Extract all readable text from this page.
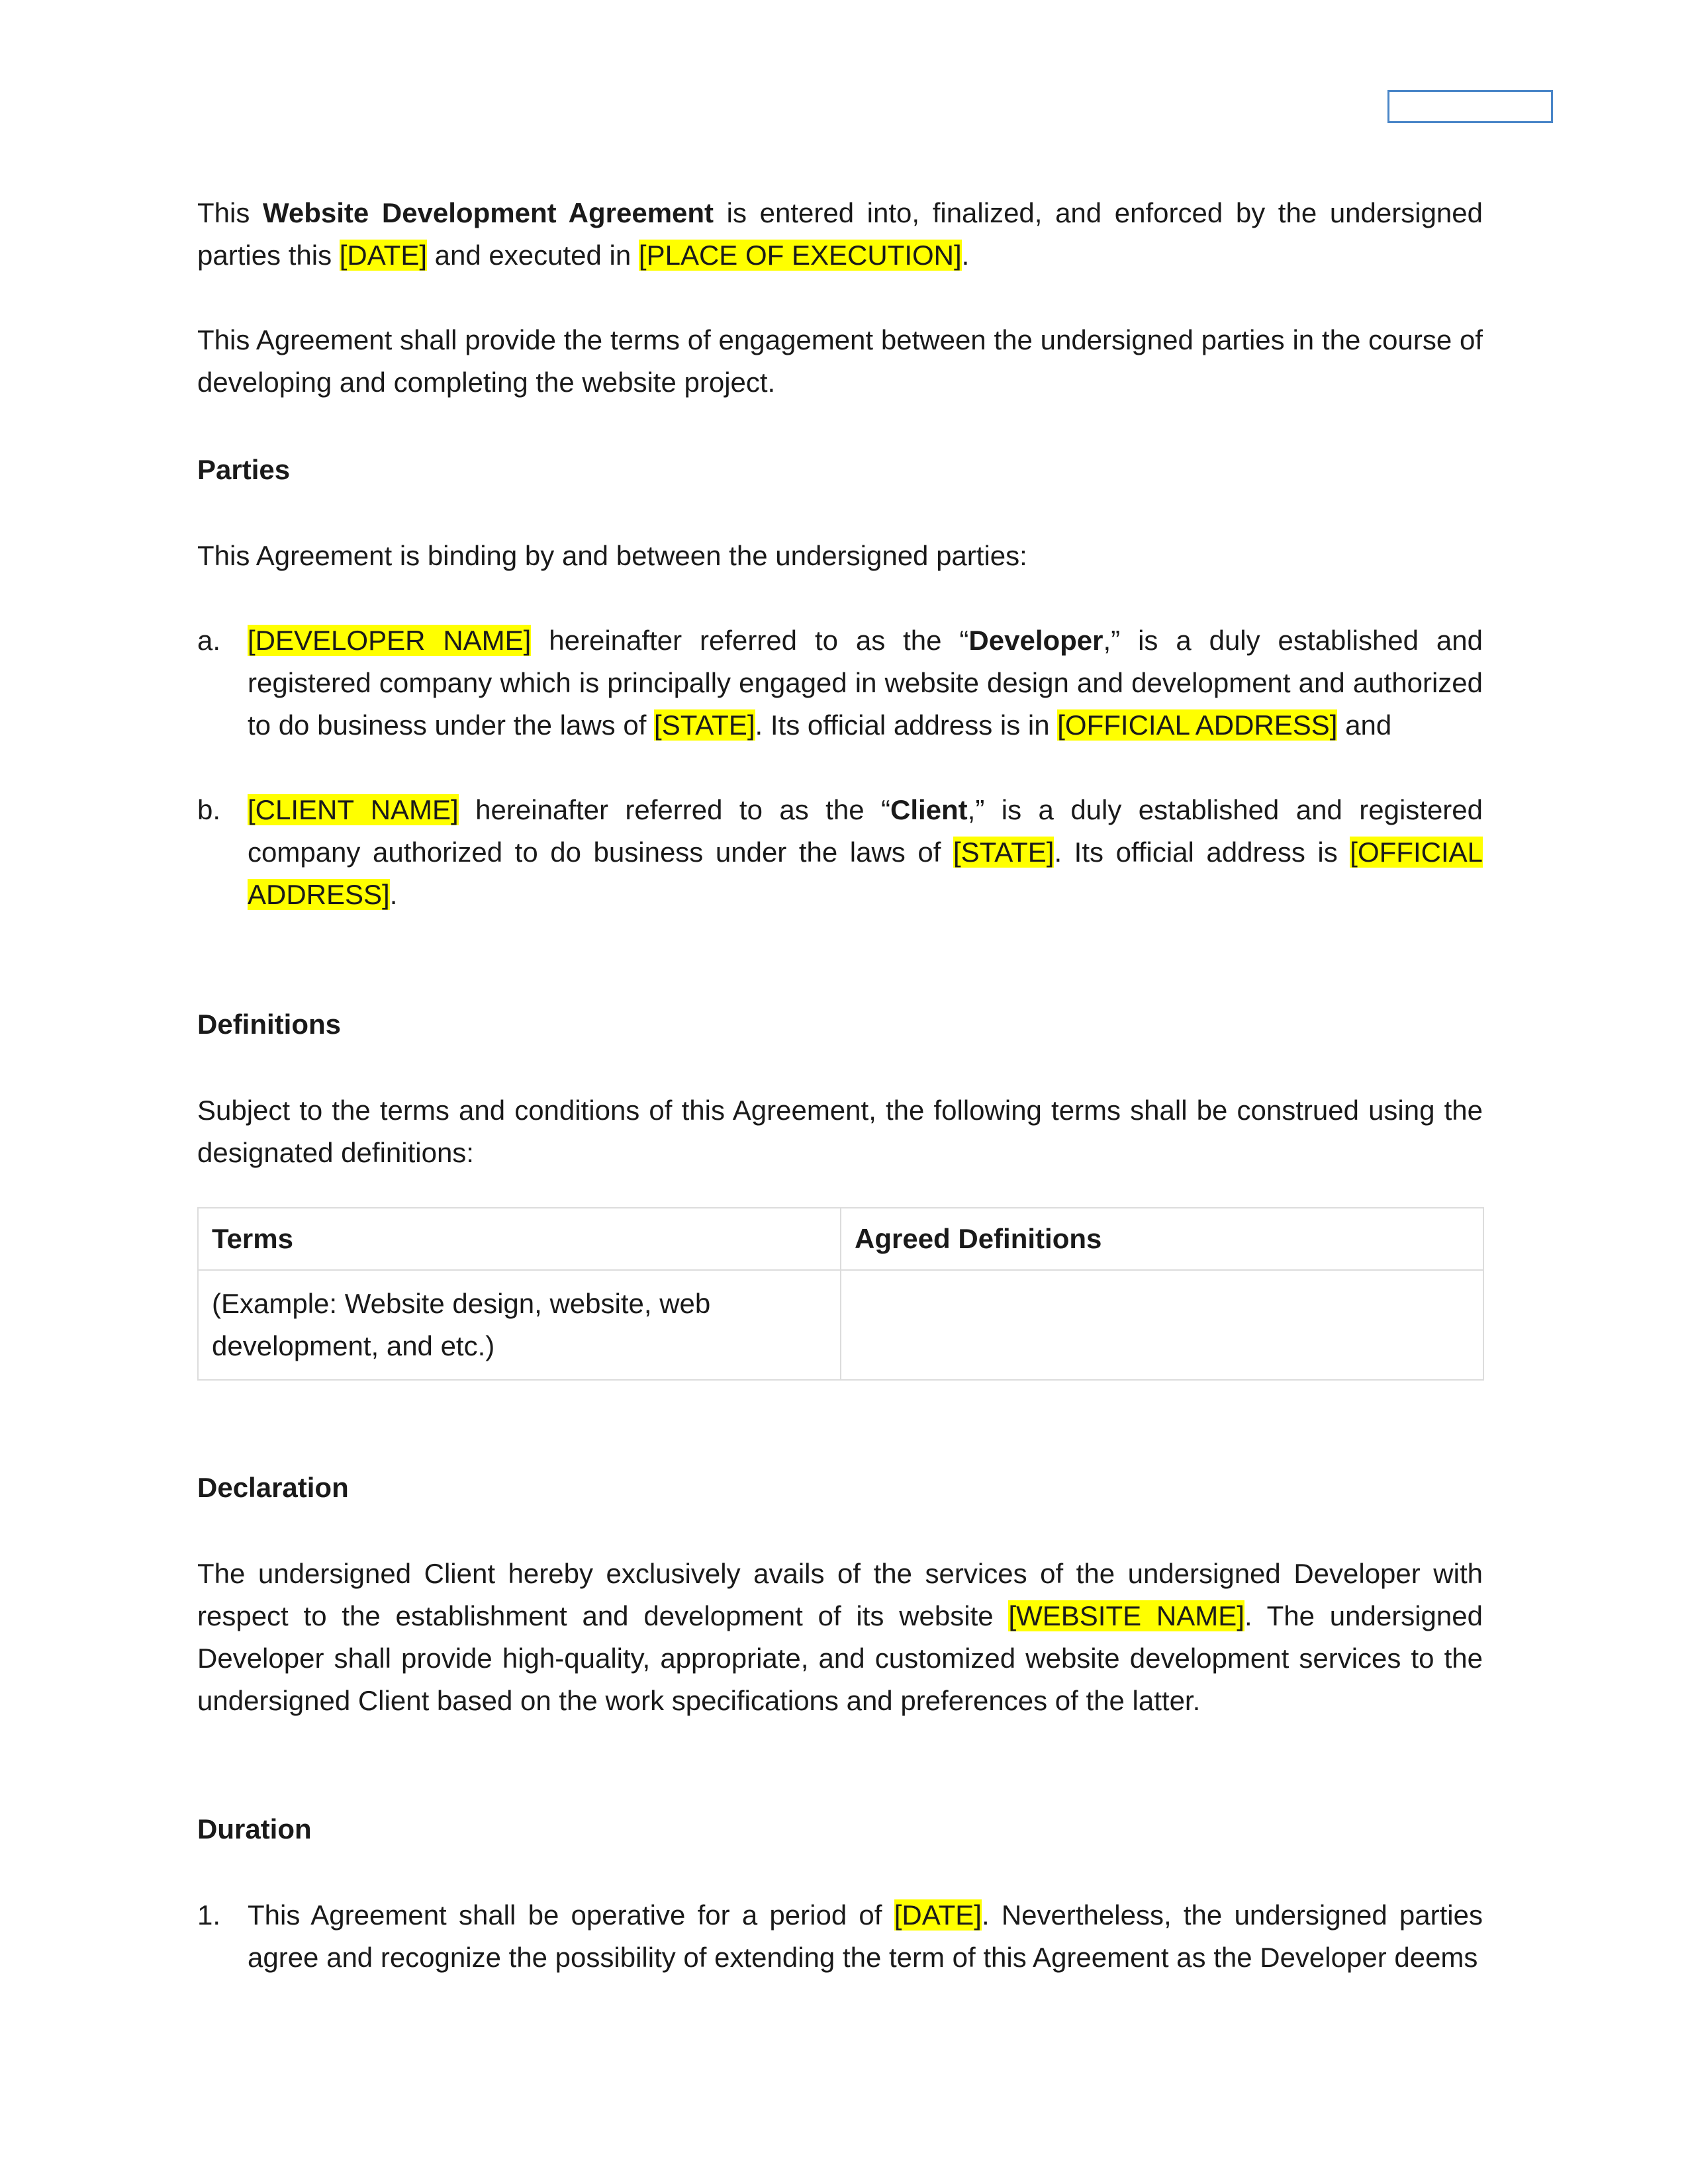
This Website Development Agreement is entered into, finalized, and enforced by the undersigned parties this [DATE] and executed in [PLACE OF EXECUTION].

This Agreement shall provide the terms of engagement between the undersigned parties in the course of developing and completing the website project.

Parties

This Agreement is binding by and between the undersigned parties:

a. [DEVELOPER NAME] hereinafter referred to as the “Developer,” is a duly established and registered company which is principally engaged in website design and development and authorized to do business under the laws of [STATE]. Its official address is in [OFFICIAL ADDRESS] and
b. [CLIENT NAME] hereinafter referred to as the “Client,” is a duly established and registered company authorized to do business under the laws of [STATE]. Its official address is [OFFICIAL ADDRESS].
Definitions

Subject to the terms and conditions of this Agreement, the following terms shall be construed using the designated definitions:

Terms	Agreed Definitions
(Example: Website design, website, web development, and etc.)	
Declaration

The undersigned Client hereby exclusively avails of the services of the undersigned Developer with respect to the establishment and development of its website [WEBSITE NAME]. The undersigned Developer shall provide high-quality, appropriate, and customized website development services to the undersigned Client based on the work specifications and preferences of the latter.

Duration
1. This Agreement shall be operative for a period of [DATE]. Nevertheless, the undersigned parties agree and recognize the possibility of extending the term of this Agreement as the Developer deems
